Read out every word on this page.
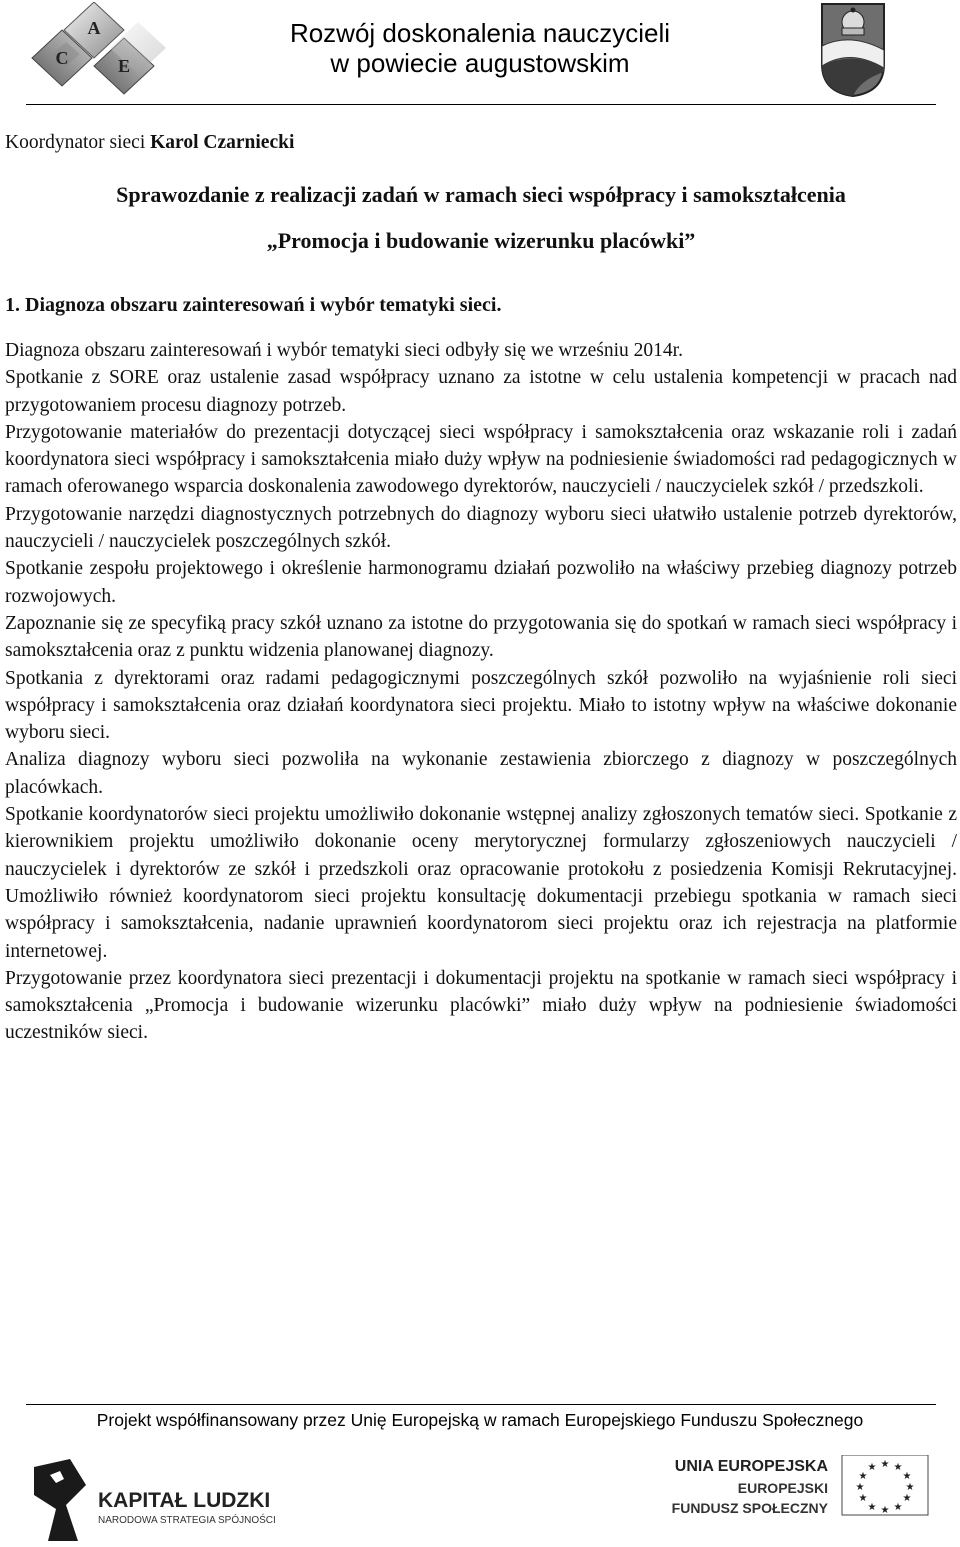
A
C	E
Rozwój doskonalenia nauczycieli
w powiecie augustowskim
Koordynator sieci Karol Czarniecki
Sprawozdanie z realizacji zadań w ramach sieci współpracy i samokształcenia
„Promocja i budowanie wizerunku placówki”
1. Diagnoza obszaru zainteresowań i wybór tematyki sieci.

Diagnoza obszaru zainteresowań i wybór tematyki sieci odbyły się we wrześniu 2014r.

Spotkanie z SORE oraz ustalenie zasad współpracy uznano za istotne w celu ustalenia kompetencji w pracach nad przygotowaniem procesu diagnozy potrzeb.

Przygotowanie materiałów do prezentacji dotyczącej sieci współpracy i samokształcenia oraz wskazanie roli i zadań koordynatora sieci współpracy i samokształcenia miało duży wpływ na podniesienie świadomości rad pedagogicznych w ramach oferowanego wsparcia doskonalenia zawodowego dyrektorów, nauczycieli / nauczycielek szkół / przedszkoli.

Przygotowanie narzędzi diagnostycznych potrzebnych do diagnozy wyboru sieci ułatwiło ustalenie potrzeb dyrektorów, nauczycieli / nauczycielek poszczególnych szkół.

Spotkanie zespołu projektowego i określenie harmonogramu działań pozwoliło na właściwy przebieg diagnozy potrzeb rozwojowych.

Zapoznanie się ze specyfiką pracy szkół uznano za istotne do przygotowania się do spotkań w ramach sieci współpracy i samokształcenia oraz z punktu widzenia planowanej diagnozy.

Spotkania z dyrektorami oraz radami pedagogicznymi poszczególnych szkół pozwoliło na wyjaśnienie roli sieci współpracy i samokształcenia oraz działań koordynatora sieci projektu. Miało to istotny wpływ na właściwe dokonanie wyboru sieci.

Analiza diagnozy wyboru sieci pozwoliła na wykonanie zestawienia zbiorczego z diagnozy w poszczególnych placówkach.

Spotkanie koordynatorów sieci projektu umożliwiło dokonanie wstępnej analizy zgłoszonych tematów sieci. Spotkanie z kierownikiem projektu umożliwiło dokonanie oceny merytorycznej formularzy zgłoszeniowych nauczycieli / nauczycielek i dyrektorów ze szkół i przedszkoli oraz opracowanie protokołu z posiedzenia Komisji Rekrutacyjnej. Umożliwiło również koordynatorom sieci projektu konsultację dokumentacji przebiegu spotkania w ramach sieci współpracy i samokształcenia, nadanie uprawnień koordynatorom sieci projektu oraz ich rejestracja na platformie internetowej.

Przygotowanie przez koordynatora sieci prezentacji i dokumentacji projektu na spotkanie w ramach sieci współpracy i samokształcenia „Promocja i budowanie wizerunku placówki” miało duży wpływ na podniesienie świadomości uczestników sieci.

Projekt współfinansowany przez Unię Europejską w ramach Europejskiego Funduszu Społecznego
KAPITAŁ LUDZKI
NARODOWA STRATEGIA SPÓJNOŚCI
UNIA EUROPEJSKA
EUROPEJSKI
FUNDUSZ SPOŁECZNY
★ ★
★
★
★
★
★
★
★
★
★
★
